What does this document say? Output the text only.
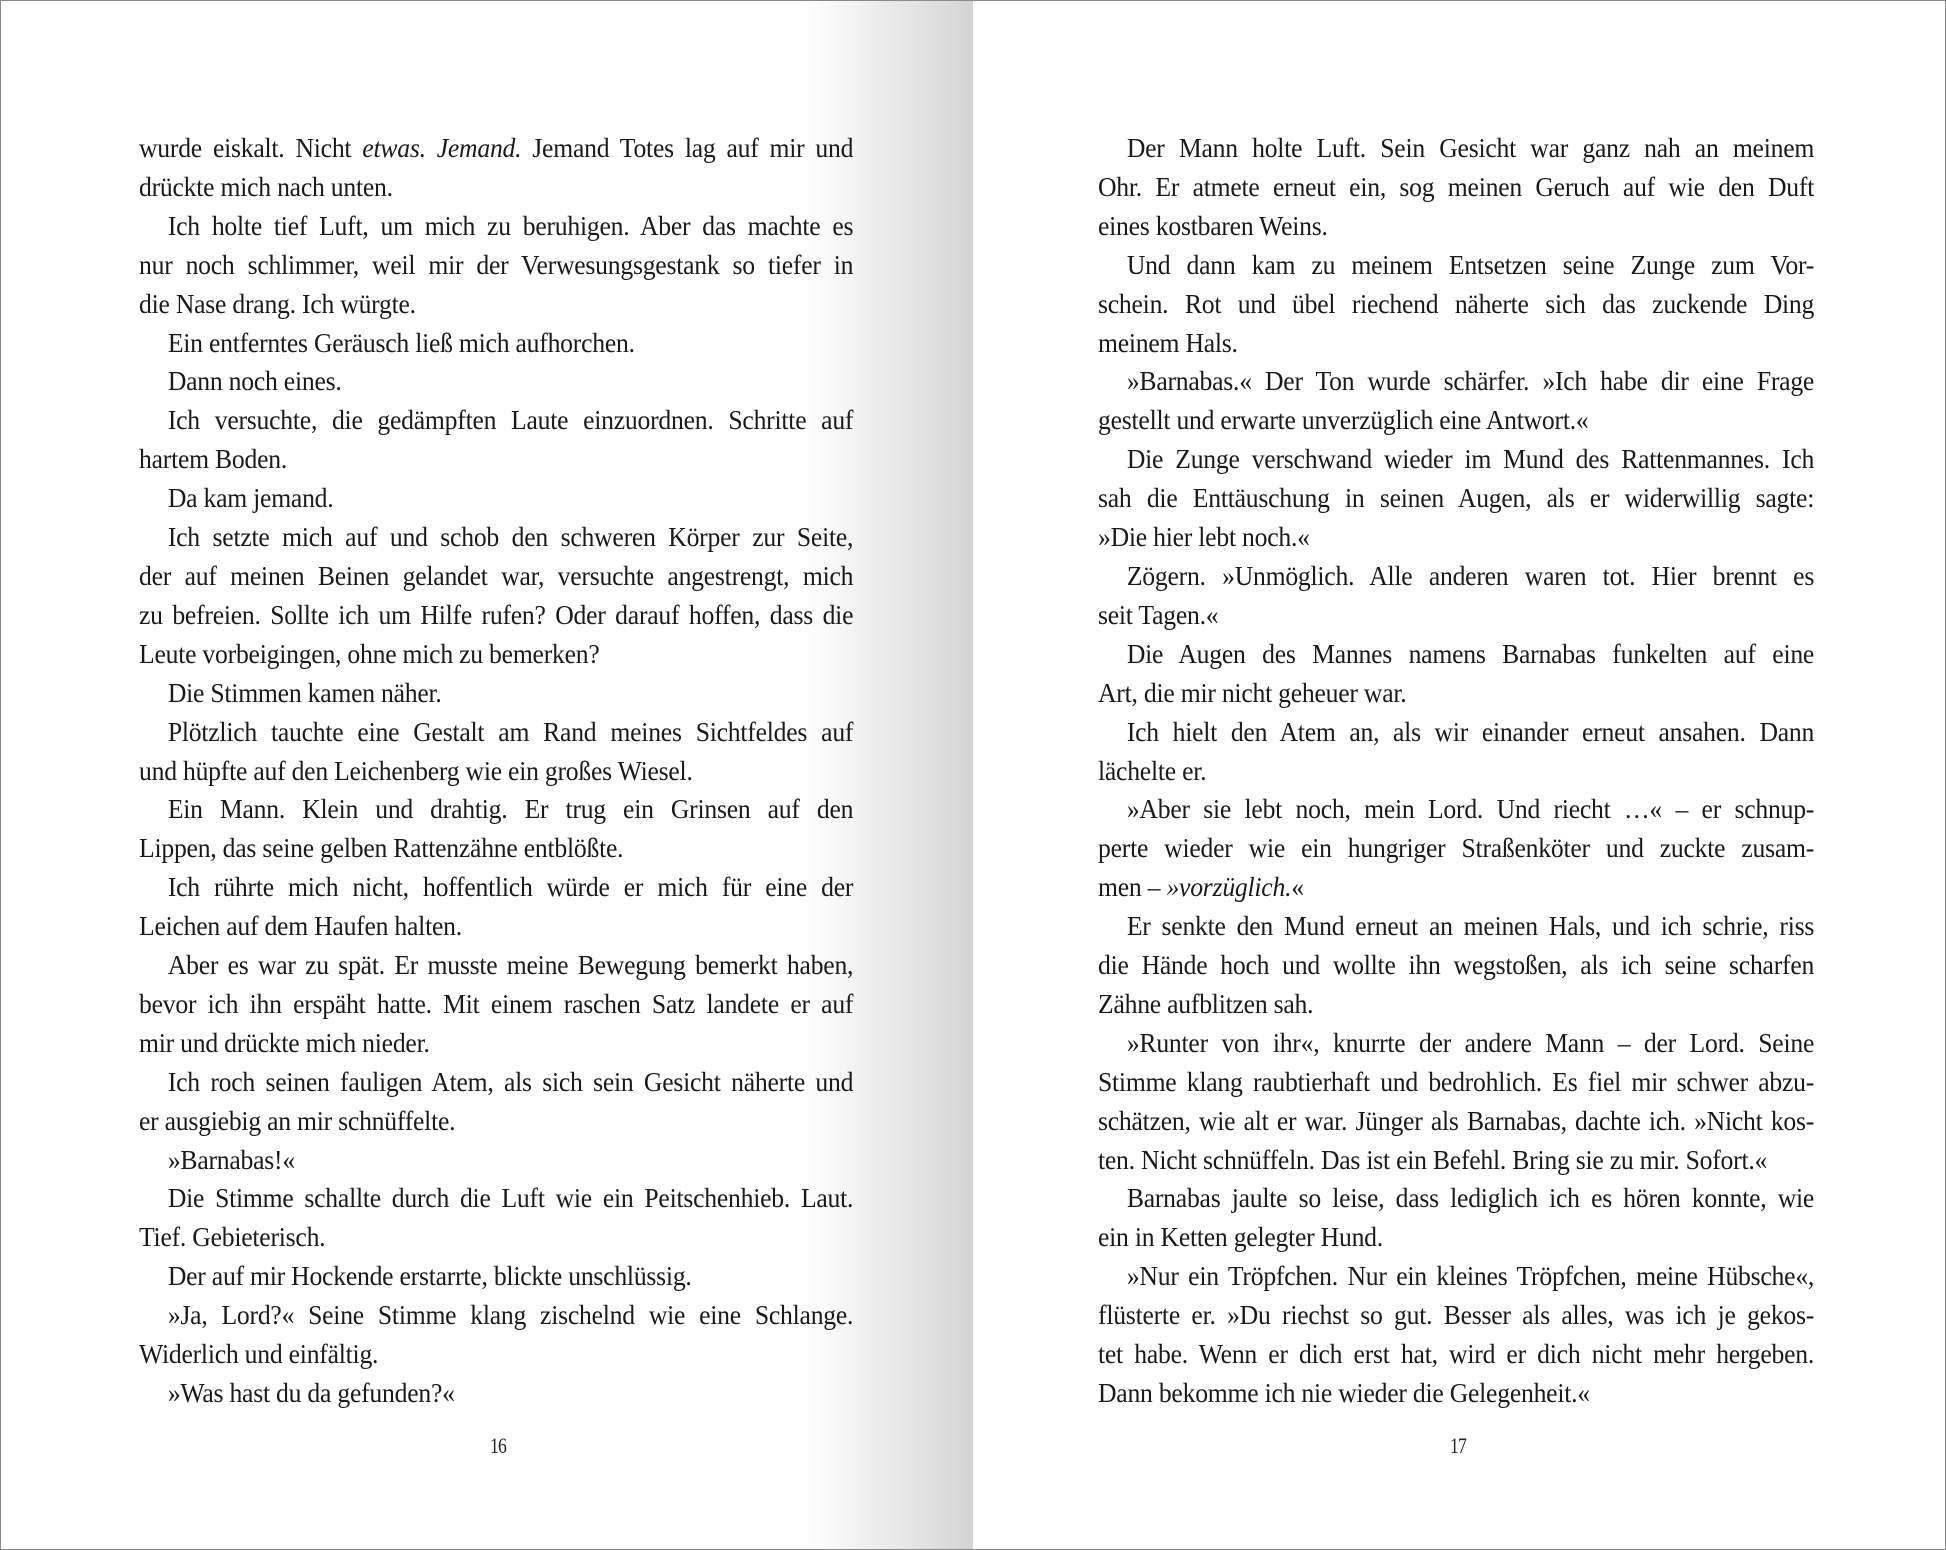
wurde eiskalt. Nicht etwas. Jemand. Jemand Totes lag auf mir und
drückte mich nach unten.
Ich holte tief Luft, um mich zu beruhigen. Aber das machte es
nur noch schlimmer, weil mir der Verwesungsgestank so tiefer in
die Nase drang. Ich würgte.
Ein entferntes Geräusch ließ mich aufhorchen.
Dann noch eines.
Ich versuchte, die gedämpften Laute einzuordnen. Schritte auf
hartem Boden.
Da kam jemand.
Ich setzte mich auf und schob den schweren Körper zur Seite,
der auf meinen Beinen gelandet war, versuchte angestrengt, mich
zu befreien. Sollte ich um Hilfe rufen? Oder darauf hoffen, dass die
Leute vorbeigingen, ohne mich zu bemerken?
Die Stimmen kamen näher.
Plötzlich tauchte eine Gestalt am Rand meines Sichtfeldes auf
und hüpfte auf den Leichenberg wie ein großes Wiesel.
Ein Mann. Klein und drahtig. Er trug ein Grinsen auf den
Lippen, das seine gelben Rattenzähne entblößte.
Ich rührte mich nicht, hoffentlich würde er mich für eine der
Leichen auf dem Haufen halten.
Aber es war zu spät. Er musste meine Bewegung bemerkt haben,
bevor ich ihn erspäht hatte. Mit einem raschen Satz landete er auf
mir und drückte mich nieder.
Ich roch seinen fauligen Atem, als sich sein Gesicht näherte und
er ausgiebig an mir schnüffelte.
»Barnabas!«
Die Stimme schallte durch die Luft wie ein Peitschenhieb. Laut.
Tief. Gebieterisch.
Der auf mir Hockende erstarrte, blickte unschlüssig.
»Ja, Lord?« Seine Stimme klang zischelnd wie eine Schlange.
Widerlich und einfältig.
»Was hast du da gefunden?«
16
Der Mann holte Luft. Sein Gesicht war ganz nah an meinem
Ohr. Er atmete erneut ein, sog meinen Geruch auf wie den Duft
eines kostbaren Weins.
Und dann kam zu meinem Entsetzen seine Zunge zum Vor-
schein. Rot und übel riechend näherte sich das zuckende Ding
meinem Hals.
»Barnabas.« Der Ton wurde schärfer. »Ich habe dir eine Frage
gestellt und erwarte unverzüglich eine Antwort.«
Die Zunge verschwand wieder im Mund des Rattenmannes. Ich
sah die Enttäuschung in seinen Augen, als er widerwillig sagte:
»Die hier lebt noch.«
Zögern. »Unmöglich. Alle anderen waren tot. Hier brennt es
seit Tagen.«
Die Augen des Mannes namens Barnabas funkelten auf eine
Art, die mir nicht geheuer war.
Ich hielt den Atem an, als wir einander erneut ansahen. Dann
lächelte er.
»Aber sie lebt noch, mein Lord. Und riecht …« – er schnup-
perte wieder wie ein hungriger Straßenköter und zuckte zusam-
men – »vorzüglich.«
Er senkte den Mund erneut an meinen Hals, und ich schrie, riss
die Hände hoch und wollte ihn wegstoßen, als ich seine scharfen
Zähne aufblitzen sah.
»Runter von ihr«, knurrte der andere Mann – der Lord. Seine
Stimme klang raubtierhaft und bedrohlich. Es fiel mir schwer abzu-
schätzen, wie alt er war. Jünger als Barnabas, dachte ich. »Nicht kos-
ten. Nicht schnüffeln. Das ist ein Befehl. Bring sie zu mir. Sofort.«
Barnabas jaulte so leise, dass lediglich ich es hören konnte, wie
ein in Ketten gelegter Hund.
»Nur ein Tröpfchen. Nur ein kleines Tröpfchen, meine Hübsche«,
flüsterte er. »Du riechst so gut. Besser als alles, was ich je gekos-
tet habe. Wenn er dich erst hat, wird er dich nicht mehr hergeben.
Dann bekomme ich nie wieder die Gelegenheit.«
17
